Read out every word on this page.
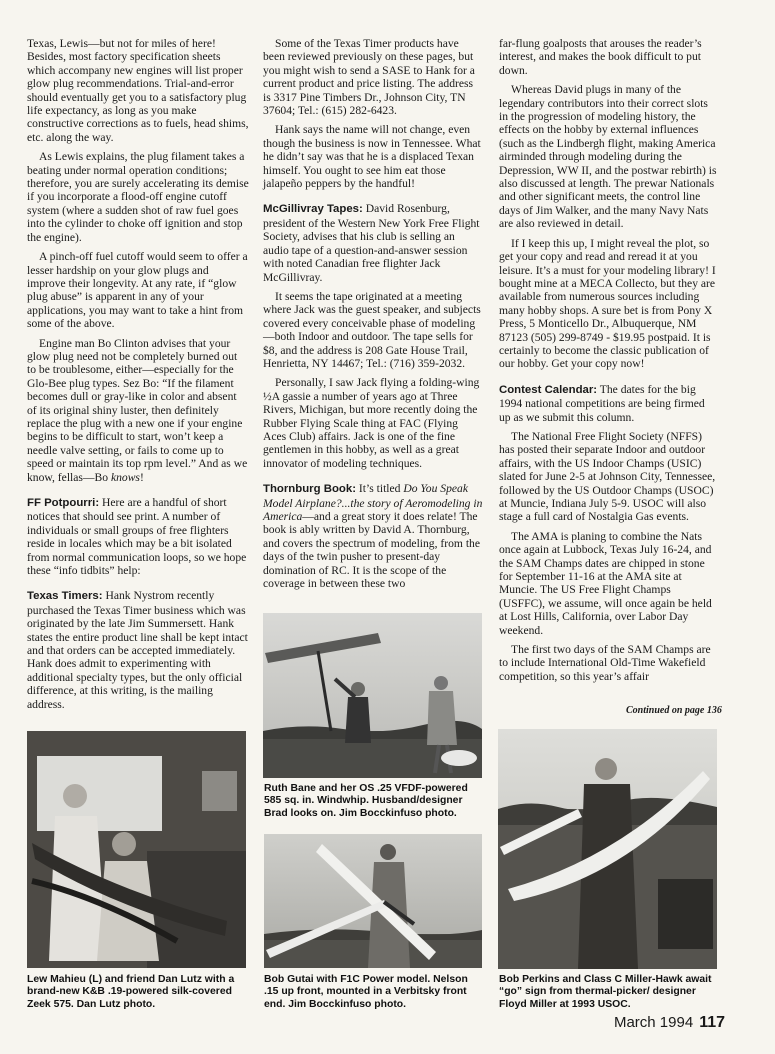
Texas, Lewis—but not for miles of here! Besides, most factory specification sheets which accompany new engines will list proper glow plug recommendations. Trial-and-error should eventually get you to a satisfactory plug life expectancy, as long as you make constructive corrections as to fuels, head shims, etc. along the way.

As Lewis explains, the plug filament takes a beating under normal operation conditions; therefore, you are surely accelerating its demise if you incorporate a flood-off engine cutoff system (where a sudden shot of raw fuel goes into the cylinder to choke off ignition and stop the engine).

A pinch-off fuel cutoff would seem to offer a lesser hardship on your glow plugs and improve their longevity. At any rate, if “glow plug abuse” is apparent in any of your applications, you may want to take a hint from some of the above.

Engine man Bo Clinton advises that your glow plug need not be completely burned out to be troublesome, either—especially for the Glo-Bee plug types. Sez Bo: “If the filament becomes dull or gray-like in color and absent of its original shiny luster, then definitely replace the plug with a new one if your engine begins to be difficult to start, won’t keep a needle valve setting, or fails to come up to speed or maintain its top rpm level.” And as we know, fellas—Bo knows!

FF Potpourri: Here are a handful of short notices that should see print. A number of individuals or small groups of free flighters reside in locales which may be a bit isolated from normal communication loops, so we hope these “info tidbits” help:

Texas Timers: Hank Nystrom recently purchased the Texas Timer business which was originated by the late Jim Summersett. Hank states the entire product line shall be kept intact and that orders can be accepted immediately. Hank does admit to experimenting with additional specialty types, but the only official difference, at this writing, is the mailing address.

Some of the Texas Timer products have been reviewed previously on these pages, but you might wish to send a SASE to Hank for a current product and price listing. The address is 3317 Pine Timbers Dr., Johnson City, TN 37604; Tel.: (615) 282-6423.

Hank says the name will not change, even though the business is now in Tennessee. What he didn’t say was that he is a displaced Texan himself. You ought to see him eat those jalapeño peppers by the handful!

McGillivray Tapes: David Rosenburg, president of the Western New York Free Flight Society, advises that his club is selling an audio tape of a question-and-answer session with noted Canadian free flighter Jack McGillivray.

It seems the tape originated at a meeting where Jack was the guest speaker, and subjects covered every conceivable phase of modeling—both Indoor and outdoor. The tape sells for $8, and the address is 208 Gate House Trail, Henrietta, NY 14467; Tel.: (716) 359-2032.

Personally, I saw Jack flying a folding-wing ½A gassie a number of years ago at Three Rivers, Michigan, but more recently doing the Rubber Flying Scale thing at FAC (Flying Aces Club) affairs. Jack is one of the fine gentlemen in this hobby, as well as a great innovator of modeling techniques.

Thornburg Book: It’s titled Do You Speak Model Airplane?...the story of Aeromodeling in America—and a great story it does relate! The book is ably written by David A. Thornburg, and covers the spectrum of modeling, from the days of the twin pusher to present-day domination of RC. It is the scope of the coverage in between these two

far-flung goalposts that arouses the reader’s interest, and makes the book difficult to put down.

Whereas David plugs in many of the legendary contributors into their correct slots in the progression of modeling history, the effects on the hobby by external influences (such as the Lindbergh flight, making America airminded through modeling during the Depression, WW II, and the postwar rebirth) is also discussed at length. The prewar Nationals and other significant meets, the control line days of Jim Walker, and the many Navy Nats are also reviewed in detail.

If I keep this up, I might reveal the plot, so get your copy and read and reread it at you leisure. It’s a must for your modeling library! I bought mine at a MECA Collecto, but they are available from numerous sources including many hobby shops. A sure bet is from Pony X Press, 5 Monticello Dr., Albuquerque, NM 87123 (505) 299-8749 - $19.95 postpaid. It is certainly to become the classic publication of our hobby. Get your copy now!

Contest Calendar: The dates for the big 1994 national competitions are being firmed up as we submit this column.

The National Free Flight Society (NFFS) has posted their separate Indoor and outdoor affairs, with the US Indoor Champs (USIC) slated for June 2-5 at Johnson City, Tennessee, followed by the US Outdoor Champs (USOC) at Muncie, Indiana July 5-9. USOC will also stage a full card of Nostalgia Gas events.

The AMA is planing to combine the Nats once again at Lubbock, Texas July 16-24, and the SAM Champs dates are chipped in stone for September 11-16 at the AMA site at Muncie. The US Free Flight Champs (USFFC), we assume, will once again be held at Lost Hills, California, over Labor Day weekend.

The first two days of the SAM Champs are to include International Old-Time Wakefield competition, so this year’s affair

Continued on page 136
Ruth Bane and her OS .25 VFDF-powered 585 sq. in. Windwhip. Husband/designer Brad looks on. Jim Bocckinfuso photo.
Lew Mahieu (L) and friend Dan Lutz with a brand-new K&B .19-powered silk-covered Zeek 575. Dan Lutz photo.
Bob Gutai with F1C Power model. Nelson .15 up front, mounted in a Verbitsky front end. Jim Bocckinfuso photo.
Bob Perkins and Class C Miller-Hawk await “go” sign from thermal-picker/ designer Floyd Miller at 1993 USOC.
March 1994 117
